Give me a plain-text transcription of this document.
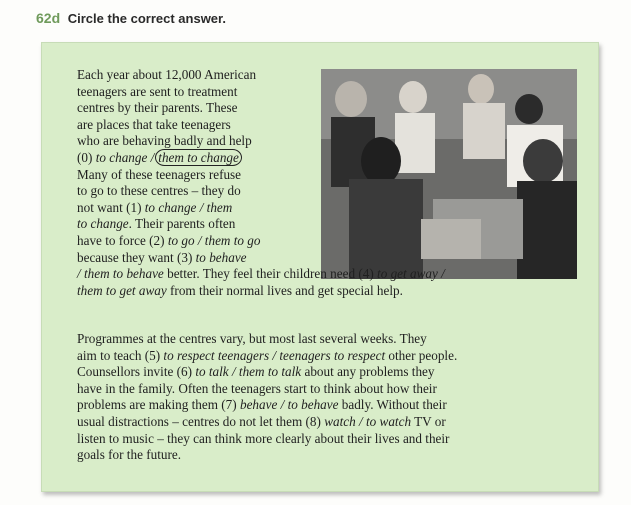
62d Circle the correct answer.
Each year about 12,000 American
teenagers are sent to treatment
centres by their parents. These
are places that take teenagers
who are behaving badly and help
(0) to change / them to change
Many of these teenagers refuse
to go to these centres – they do
not want (1) to change / them
to change. Their parents often
have to force (2) to go / them to go
because they want (3) to behave
/ them to behave better. They feel their children need (4) to get away /
them to get away from their normal lives and get special help.
Programmes at the centres vary, but most last several weeks. They
aim to teach (5) to respect teenagers / teenagers to respect other people.
Counsellors invite (6) to talk / them to talk about any problems they
have in the family. Often the teenagers start to think about how their
problems are making them (7) behave / to behave badly. Without their
usual distractions – centres do not let them (8) watch / to watch TV or
listen to music – they can think more clearly about their lives and their
goals for the future.
